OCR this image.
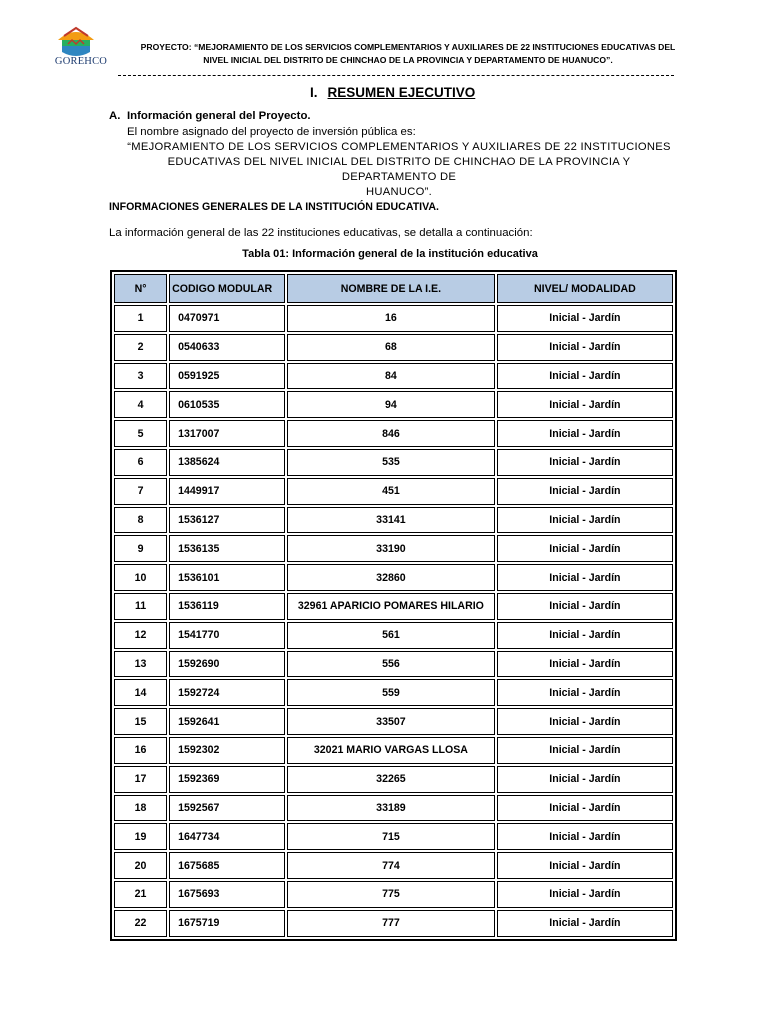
GOREHCO
PROYECTO: “MEJORAMIENTO DE LOS SERVICIOS COMPLEMENTARIOS Y AUXILIARES DE 22 INSTITUCIONES EDUCATIVAS DEL
NIVEL INICIAL DEL DISTRITO DE CHINCHAO DE LA PROVINCIA Y DEPARTAMENTO DE HUANUCO”.
I. RESUMEN EJECUTIVO
A. Información general del Proyecto.
El nombre asignado del proyecto de inversión pública es:
“MEJORAMIENTO DE LOS SERVICIOS COMPLEMENTARIOS Y AUXILIARES DE 22 INSTITUCIONES
EDUCATIVAS DEL NIVEL INICIAL DEL DISTRITO DE CHINCHAO DE LA PROVINCIA Y DEPARTAMENTO DE
HUANUCO”.
INFORMACIONES GENERALES DE LA INSTITUCIÓN EDUCATIVA.
La información general de las 22 instituciones educativas, se detalla a continuación:
Tabla 01: Información general de la institución educativa
N°	CODIGO MODULAR	NOMBRE DE LA I.E.	NIVEL/ MODALIDAD
1	0470971	16	Inicial - Jardín
2	0540633	68	Inicial - Jardín
3	0591925	84	Inicial - Jardín
4	0610535	94	Inicial - Jardín
5	1317007	846	Inicial - Jardín
6	1385624	535	Inicial - Jardín
7	1449917	451	Inicial - Jardín
8	1536127	33141	Inicial - Jardín
9	1536135	33190	Inicial - Jardín
10	1536101	32860	Inicial - Jardín
11	1536119	32961 APARICIO POMARES HILARIO	Inicial - Jardín
12	1541770	561	Inicial - Jardín
13	1592690	556	Inicial - Jardín
14	1592724	559	Inicial - Jardín
15	1592641	33507	Inicial - Jardín
16	1592302	32021 MARIO VARGAS LLOSA	Inicial - Jardín
17	1592369	32265	Inicial - Jardín
18	1592567	33189	Inicial - Jardín
19	1647734	715	Inicial - Jardín
20	1675685	774	Inicial - Jardín
21	1675693	775	Inicial - Jardín
22	1675719	777	Inicial - Jardín
